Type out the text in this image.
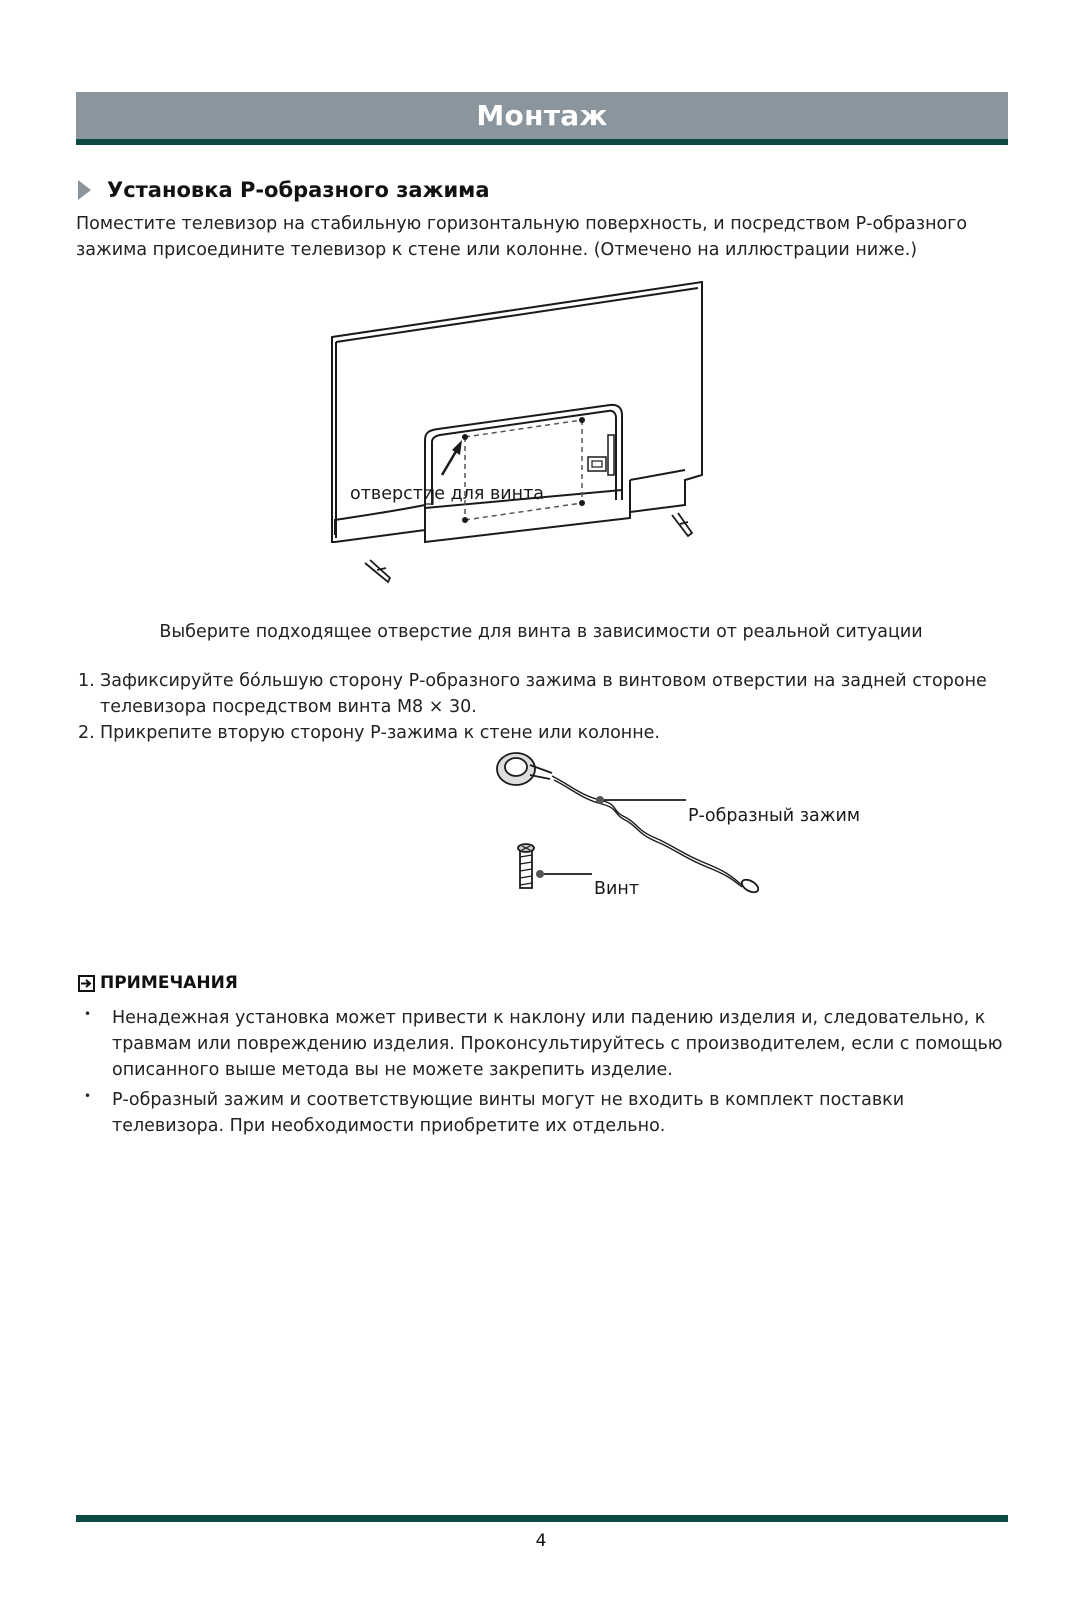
Монтаж
Установка Р-образного зажима

Поместите телевизор на стабильную горизонтальную поверхность, и посредством Р-образного зажима присоедините телевизор к стене или колонне. (Отмечено на иллюстрации ниже.)

отверстие для винта

Выберите подходящее отверстие для винта в зависимости от реальной ситуации

1. Зафиксируйте бо́льшую сторону Р-образного зажима в винтовом отверстии на задней стороне телевизора посредством винта M8 × 30.
2. Прикрепите вторую сторону Р-зажима к стене или колонне.
Р-образный зажим
Винт
ПРИМЕЧАНИЯ
•	Ненадежная установка может привести к наклону или падению изделия и, следовательно, к травмам или повреждению изделия. Проконсультируйтесь с производителем, если с помощью описанного выше метода вы не можете закрепить изделие.
•	Р-образный зажим и соответствующие винты могут не входить в комплект поставки телевизора. При необходимости приобретите их отдельно.
4
